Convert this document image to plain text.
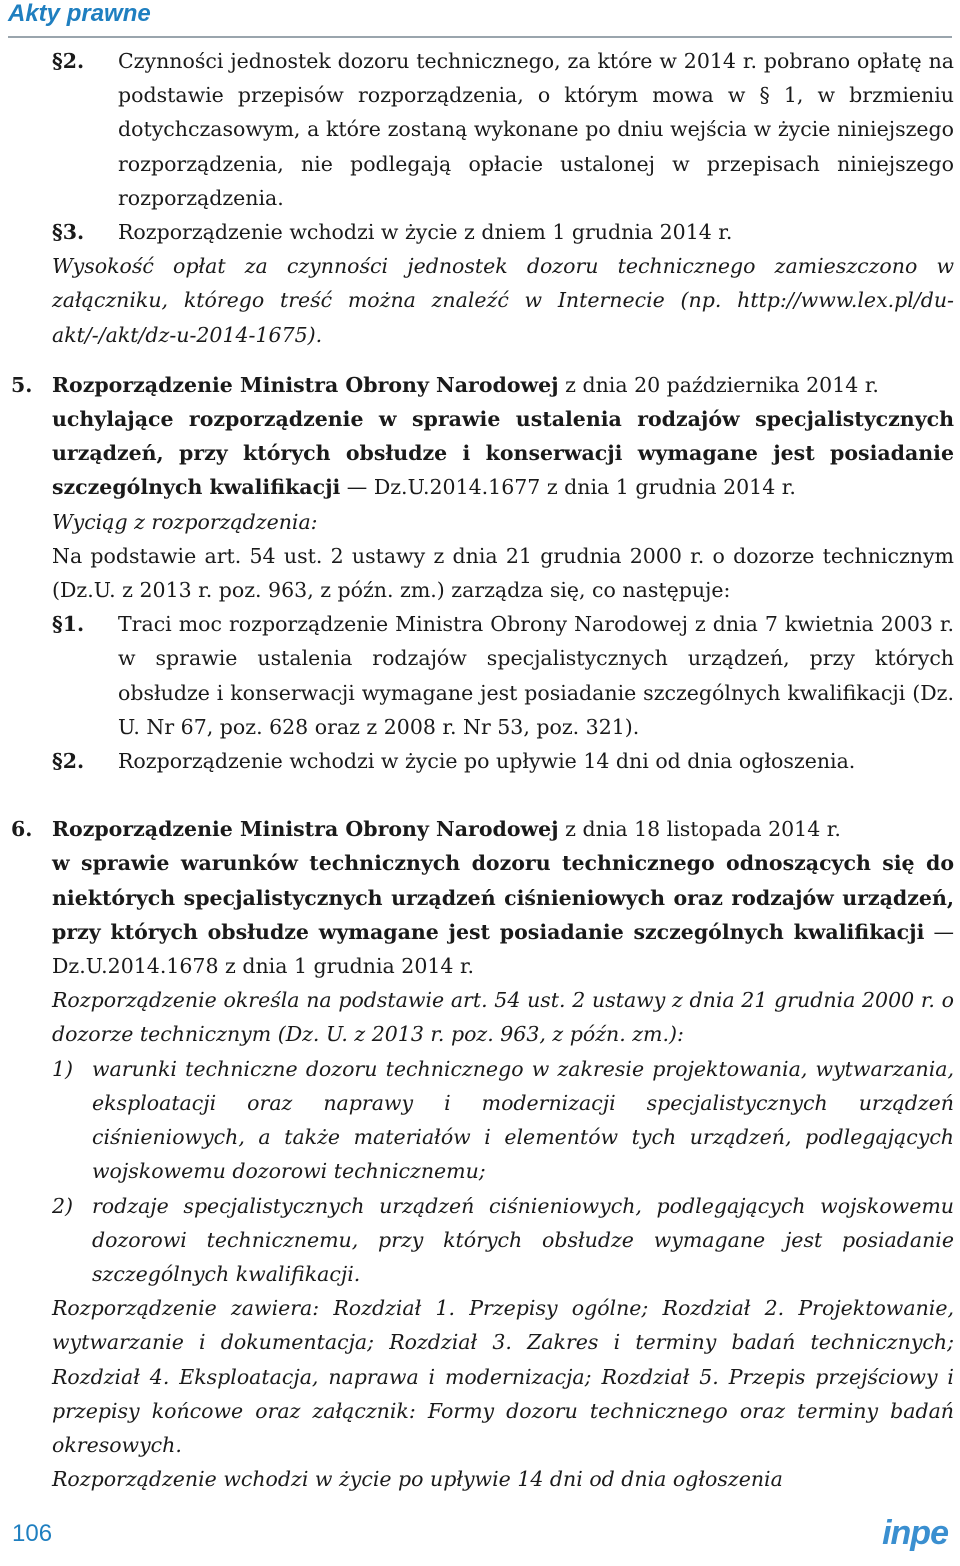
Akty prawne
§2. Czynności jednostek dozoru technicznego, za które w 2014 r. pobrano opłatę na podstawie przepisów rozporządzenia, o którym mowa w § 1, w brzmieniu dotychczasowym, a które zostaną wykonane po dniu wejścia w życie niniejszego rozporządzenia, nie podlegają opłacie ustalonej w przepisach niniejszego rozporządzenia.
§3. Rozporządzenie wchodzi w życie z dniem 1 grudnia 2014 r.

Wysokość opłat za czynności jednostek dozoru technicznego zamieszczono w załączniku, którego treść można znaleźć w Internecie (np. http://www.lex.pl/du-akt/-/akt/dz-u-2014-1675).

5. Rozporządzenie Ministra Obrony Narodowej z dnia 20 października 2014 r.

uchylające rozporządzenie w sprawie ustalenia rodzajów specjalistycznych urządzeń, przy których obsłudze i konserwacji wymagane jest posiadanie szczególnych kwalifikacji — Dz.U.2014.1677 z dnia 1 grudnia 2014 r.

Wyciąg z rozporządzenia:

Na podstawie art. 54 ust. 2 ustawy z dnia 21 grudnia 2000 r. o dozorze technicznym (Dz.U. z 2013 r. poz. 963, z późn. zm.) zarządza się, co następuje:

§1. Traci moc rozporządzenie Ministra Obrony Narodowej z dnia 7 kwietnia 2003 r. w sprawie ustalenia rodzajów specjalistycznych urządzeń, przy których obsłudze i konserwacji wymagane jest posiadanie szczególnych kwalifikacji (Dz. U. Nr 67, poz. 628 oraz z 2008 r. Nr 53, poz. 321).
§2. Rozporządzenie wchodzi w życie po upływie 14 dni od dnia ogłoszenia.
6. Rozporządzenie Ministra Obrony Narodowej z dnia 18 listopada 2014 r.

w sprawie warunków technicznych dozoru technicznego odnoszących się do niektórych specjalistycznych urządzeń ciśnieniowych oraz rodzajów urządzeń, przy których obsłudze wymagane jest posiadanie szczególnych kwalifikacji — Dz.U.2014.1678 z dnia 1 grudnia 2014 r.

Rozporządzenie określa na podstawie art. 54 ust. 2 ustawy z dnia 21 grudnia 2000 r. o dozorze technicznym (Dz. U. z 2013 r. poz. 963, z późn. zm.):

1) warunki techniczne dozoru technicznego w zakresie projektowania, wytwarzania, eksploatacji oraz naprawy i modernizacji specjalistycznych urządzeń ciśnieniowych, a także materiałów i elementów tych urządzeń, podlegających wojskowemu dozorowi technicznemu;
2) rodzaje specjalistycznych urządzeń ciśnieniowych, podlegających wojskowemu dozorowi technicznemu, przy których obsłudze wymagane jest posiadanie szczególnych kwalifikacji.

Rozporządzenie zawiera: Rozdział 1. Przepisy ogólne; Rozdział 2. Projektowanie, wytwarzanie i dokumentacja; Rozdział 3. Zakres i terminy badań technicznych; Rozdział 4. Eksploatacja, naprawa i modernizacja; Rozdział 5. Przepis przejściowy i przepisy końcowe oraz załącznik: Formy dozoru technicznego oraz terminy badań okresowych.

Rozporządzenie wchodzi w życie po upływie 14 dni od dnia ogłoszenia

106	inpe
